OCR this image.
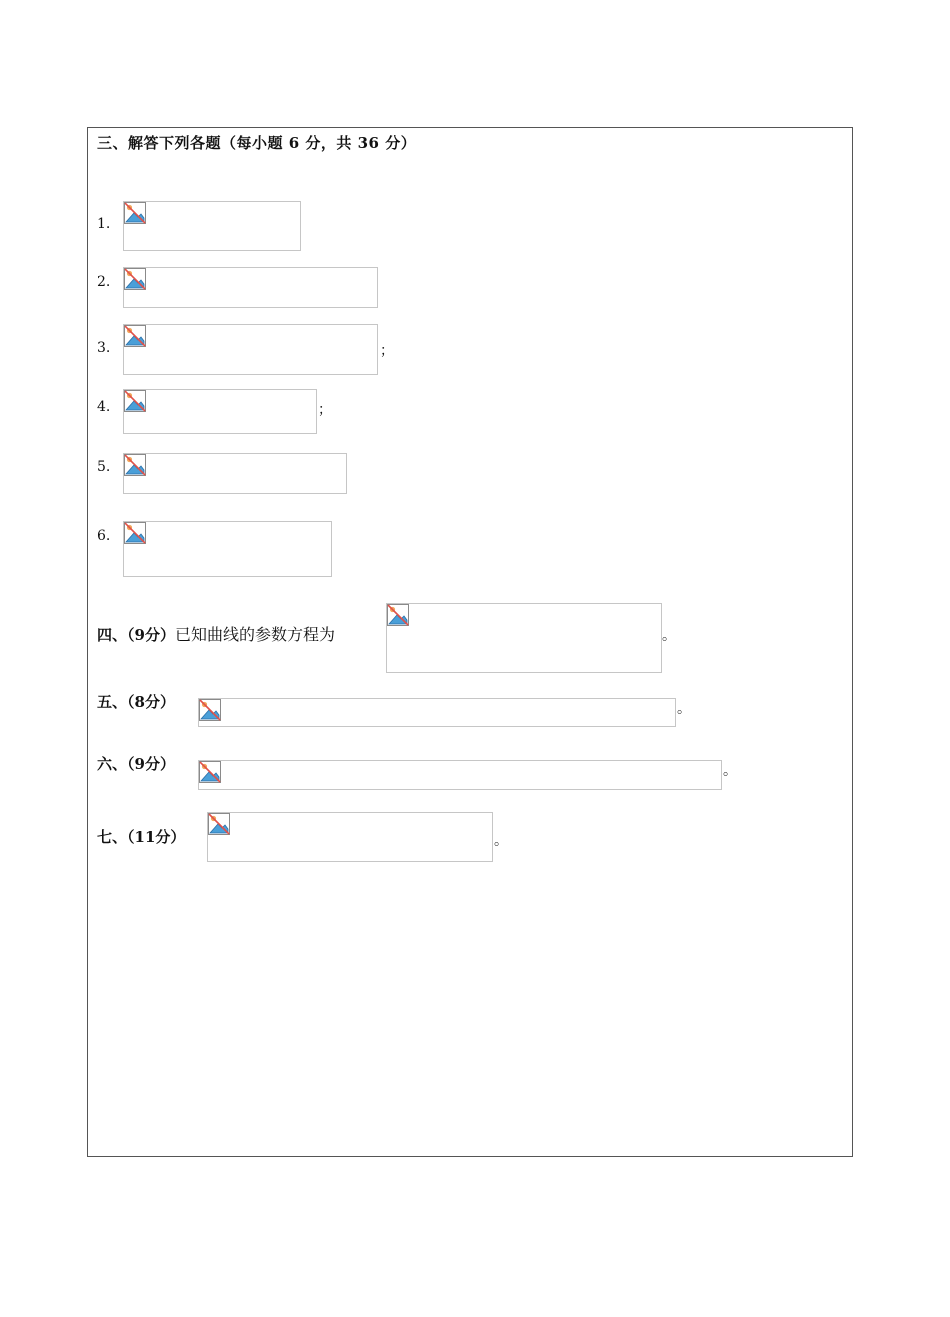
三、解答下列各题（每小题 6 分，共 36 分）
1.
2.
3.	；
4.	；
5.
6.
四、（9分）已知曲线的参数方程为	。
五、（8分）	。
六、（9分）	。
七、（11分）	。
